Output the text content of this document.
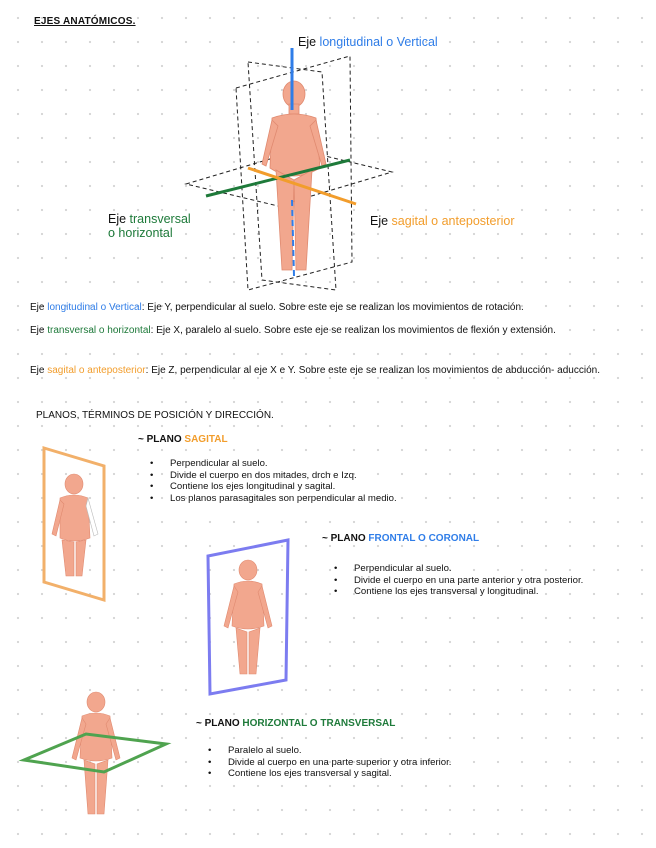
EJES ANATÓMICOS.
Eje longitudinal o Vertical
Eje transversal
o horizontal
Eje sagital o anteposterior
Eje longitudinal o Vertical: Eje Y, perpendicular al suelo. Sobre este eje se realizan los movimientos de rotación.
Eje transversal o horizontal: Eje X, paralelo al suelo. Sobre este eje se realizan los movimientos de flexión y extensión.
Eje sagital o anteposterior: Eje Z, perpendicular al eje X e Y. Sobre este eje se realizan los movimientos de abducción- aducción.
PLANOS, TÉRMINOS DE POSICIÓN Y DIRECCIÓN.
~ PLANO SAGITAL
• Perpendicular al suelo.
• Divide el cuerpo en dos mitades, drch e Izq.
• Contiene los ejes longitudinal y sagital.
• Los planos parasagitales son perpendicular al medio.
~ PLANO FRONTAL O CORONAL
• Perpendicular al suelo.
• Divide el cuerpo en una parte anterior y otra posterior.
• Contiene los ejes transversal y longitudinal.
~ PLANO HORIZONTAL O TRANSVERSAL
• Paralelo al suelo.
• Divide al cuerpo en una parte superior y otra inferior.
• Contiene los ejes transversal y sagital.
